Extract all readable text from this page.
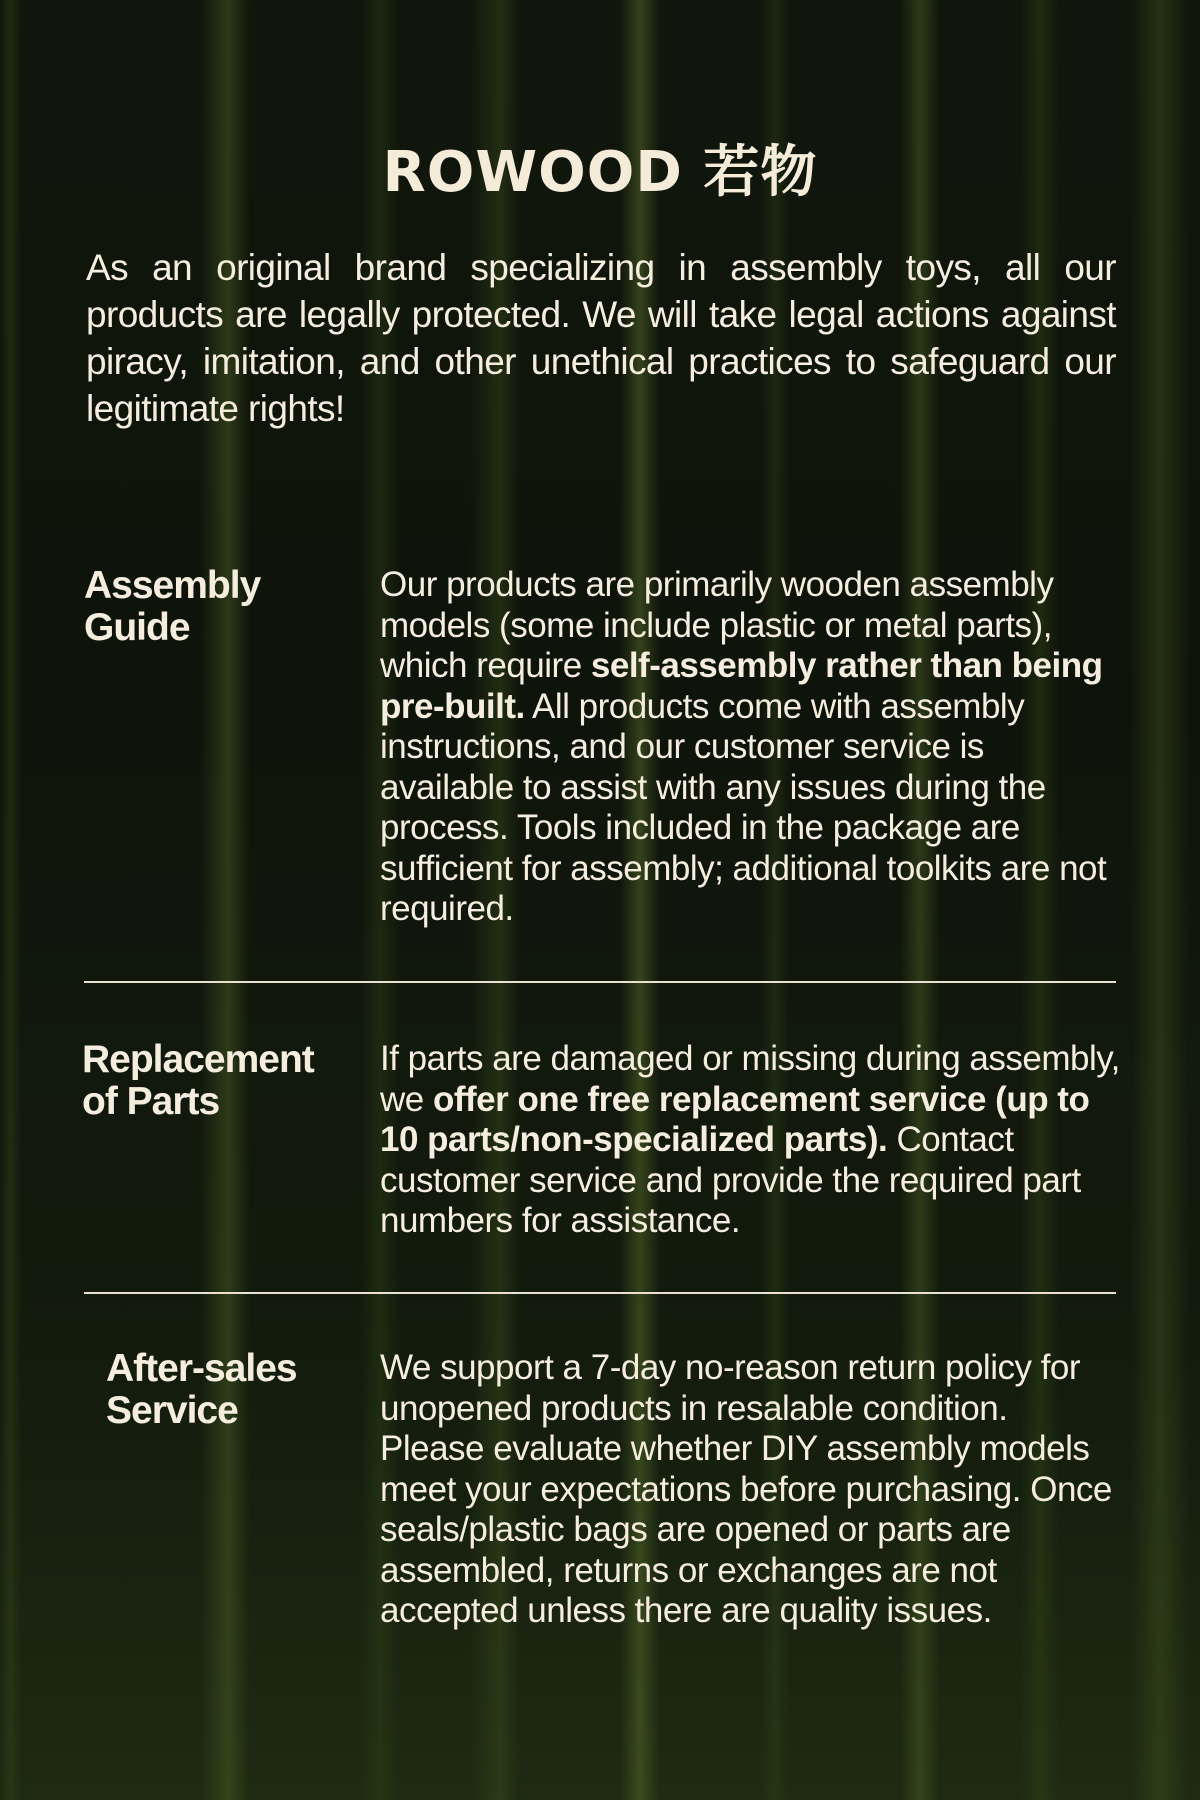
ROWOOD 若物

As an original brand specializing in assembly toys, all our products are legally protected. We will take legal actions against piracy, imitation, and other unethical practices to safeguard our legitimate rights!

Assembly
Guide

Our products are primarily wooden assembly models (some include plastic or metal parts), which require self-assembly rather than being pre-built. All products come with assembly instructions, and our customer service is available to assist with any issues during the process. Tools included in the package are sufficient for assembly; additional toolkits are not required.

Replacement
of Parts

If parts are damaged or missing during assembly, we offer one free replacement service (up to 10 parts/non-specialized parts). Contact customer service and provide the required part numbers for assistance.

After-sales
Service

We support a 7-day no-reason return policy for unopened products in resalable condition. Please evaluate whether DIY assembly models meet your expectations before purchasing. Once seals/plastic bags are opened or parts are assembled, returns or exchanges are not accepted unless there are quality issues.
